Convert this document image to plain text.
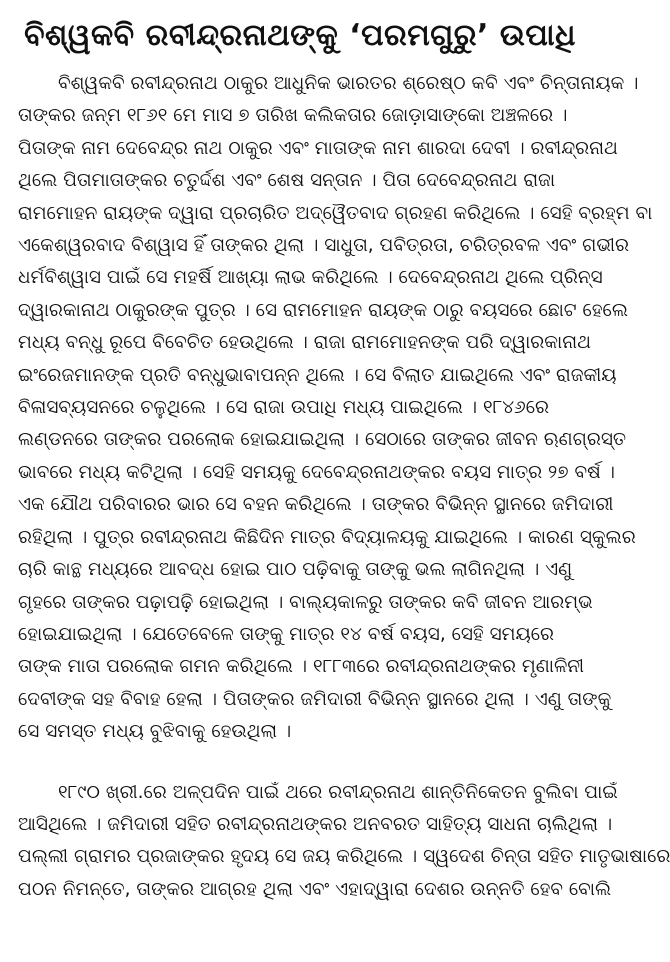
ବିଶ୍ୱକବି ରବୀନ୍ଦ୍ରନାଥଙ୍କୁ ‘ପରମଗୁରୁ’ ଉପାଧି
ବିଶ୍ୱକବି ରବୀନ୍ଦ୍ରନାଥ ଠାକୁର ଆଧୁନିକ ଭାରତର ଶ୍ରେଷ୍ଠ କବି ଏବଂ ଚିନ୍ତାନାୟକ ।
ତାଙ୍କର ଜନ୍ମ ୧୮୬୧ ମେ ମାସ ୭ ତାରିଖ କଲିକତାର ଜୋଡ଼ାସାଙ୍କୋ ଅଞ୍ଚଳରେ ।
ପିତାଙ୍କ ନାମ ଦେବେନ୍ଦ୍ର ନାଥ ଠାକୁର ଏବଂ ମାତାଙ୍କ ନାମ ଶାରଦା ଦେବୀ । ରବୀନ୍ଦ୍ରନାଥ
ଥିଲେ ପିତାମାତାଙ୍କର ଚତୁର୍ଦ୍ଦଶ ଏବଂ ଶେଷ ସନ୍ତାନ । ପିତା ଦେବେନ୍ଦ୍ରନାଥ ରାଜା
ରାମମୋହନ ରାୟଙ୍କ ଦ୍ୱାରା ପ୍ରଚାରିତ ଅଦ୍ୱୈତବାଦ ଗ୍ରହଣ କରିଥିଲେ । ସେହି ବ୍ରହ୍ମ ବା
ଏକେଶ୍ୱରବାଦ ବିଶ୍ୱାସ ହିଁ ତାଙ୍କର ଥିଲା । ସାଧୁତା, ପବିତ୍ରତା, ଚରିତ୍ରବଳ ଏବଂ ଗଭୀର
ଧର୍ମବିଶ୍ୱାସ ପାଇଁ ସେ ମହର୍ଷି ଆଖ୍ୟା ଲାଭ କରିଥିଲେ । ଦେବେନ୍ଦ୍ରନାଥ ଥିଲେ ପ୍ରିନ୍ସ
ଦ୍ୱାରକାନାଥ ଠାକୁରଙ୍କ ପୁତ୍ର । ସେ ରାମମୋହନ ରାୟଙ୍କ ଠାରୁ ବୟସରେ ଛୋଟ ହେଲେ
ମଧ୍ୟ ବନ୍ଧୁ ରୂପେ ବିବେଚିତ ହେଉଥିଲେ । ରାଜା ରାମମୋହନଙ୍କ ପରି ଦ୍ୱାରକାନାଥ
ଇଂରେଜମାନଙ୍କ ପ୍ରତି ବନ୍ଧୁଭାବାପନ୍ନ ଥିଲେ । ସେ ବିଲାତ ଯାଇଥିଲେ ଏବଂ ରାଜକୀୟ
ବିଳାସବ୍ୟସନରେ ଚଳୁଥିଲେ । ସେ ରାଜା ଉପାଧି ମଧ୍ୟ ପାଇଥିଲେ । ୧୮୪୬ରେ
ଲଣ୍ଡନରେ ତାଙ୍କର ପରଲୋକ ହୋଇଯାଇଥିଲା । ସେଠାରେ ତାଙ୍କର ଜୀବନ ଋଣଗ୍ରସ୍ତ
ଭାବରେ ମଧ୍ୟ କଟିଥିଲା । ସେହି ସମୟକୁ ଦେବେନ୍ଦ୍ରନାଥଙ୍କର ବୟସ ମାତ୍ର ୨୭ ବର୍ଷ ।
ଏକ ଯୌଥ ପରିବାରର ଭାର ସେ ବହନ କରିଥିଲେ । ତାଙ୍କର ବିଭିନ୍ନ ସ୍ଥାନରେ ଜମିଦାରୀ
ରହିଥିଲା । ପୁତ୍ର ରବୀନ୍ଦ୍ରନାଥ କିଛିଦିନ ମାତ୍ର ବିଦ୍ୟାଳୟକୁ ଯାଇଥିଲେ । କାରଣ ସ୍କୁଲର
ଚାରି କାନ୍ଥ ମଧ୍ୟରେ ଆବଦ୍ଧ ହୋଇ ପାଠ ପଢ଼ିବାକୁ ତାଙ୍କୁ ଭଲ ଲାଗିନଥିଲା । ଏଣୁ
ଗୃହରେ ତାଙ୍କର ପଢ଼ାପଢ଼ି ହୋଇଥିଲା । ବାଲ୍ୟକାଳରୁ ତାଙ୍କର କବି ଜୀବନ ଆରମ୍ଭ
ହୋଇଯାଇଥିଲା । ଯେତେବେଳେ ତାଙ୍କୁ ମାତ୍ର ୧୪ ବର୍ଷ ବୟସ, ସେହି ସମୟରେ
ତାଙ୍କ ମାତା ପରଲୋକ ଗମନ କରିଥିଲେ । ୧୮୮୩ରେ ରବୀନ୍ଦ୍ରନାଥଙ୍କର ମୃଣାଳିନୀ
ଦେବୀଙ୍କ ସହ ବିବାହ ହେଲା । ପିତାଙ୍କର ଜମିଦାରୀ ବିଭିନ୍ନ ସ୍ଥାନରେ ଥିଲା । ଏଣୁ ତାଙ୍କୁ
ସେ ସମସ୍ତ ମଧ୍ୟ ବୁଝିବାକୁ ହେଉଥିଲା ।
୧୮୯୦ ଖ୍ରୀ.ରେ ଅଳ୍ପଦିନ ପାଇଁ ଥରେ ରବୀନ୍ଦ୍ରନାଥ ଶାନ୍ତିନିକେତନ ବୁଲିବା ପାଇଁ
ଆସିଥିଲେ । ଜମିଦାରୀ ସହିତ ରବୀନ୍ଦ୍ରନାଥଙ୍କର ଅନବରତ ସାହିତ୍ୟ ସାଧନା ଚାଲିଥିଲା ।
ପଲ୍ଲୀ ଗ୍ରାମର ପ୍ରଜାଙ୍କର ହୃଦୟ ସେ ଜୟ କରିଥିଲେ । ସ୍ୱଦେଶ ଚିନ୍ତା ସହିତ ମାତୃଭାଷାରେ
ପଠନ ନିମନ୍ତେ, ତାଙ୍କର ଆଗ୍ରହ ଥିଲା ଏବଂ ଏହାଦ୍ୱାରା ଦେଶର ଉନ୍ନତି ହେବ ବୋଲି
